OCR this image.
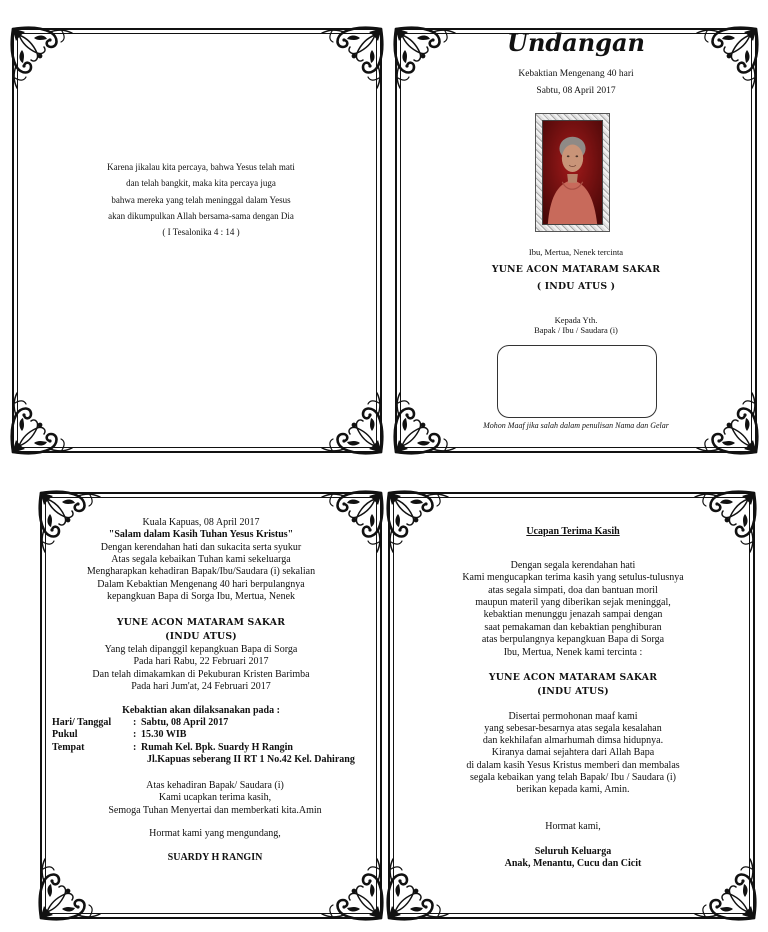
Karena jikalau kita percaya, bahwa Yesus telah mati
dan telah bangkit, maka kita percaya juga
bahwa mereka yang telah meninggal dalam Yesus
akan dikumpulkan Allah bersama-sama dengan Dia
( I Tesalonika 4 : 14 )
Undangan
Kebaktian Mengenang 40 hari
Sabtu, 08 April 2017
Ibu, Mertua, Nenek tercinta
YUNE ACON MATARAM SAKAR
( INDU ATUS )
Kepada Yth.
Bapak / Ibu / Saudara (i)
Mohon Maaf jika salah dalam penulisan Nama dan Gelar
Kuala Kapuas, 08 April 2017
"Salam dalam Kasih Tuhan Yesus Kristus"
Dengan kerendahan hati dan sukacita serta syukur
Atas segala kebaikan Tuhan kami sekeluarga
Mengharapkan kehadiran Bapak/Ibu/Saudara (i) sekalian
Dalam Kebaktian Mengenang 40 hari berpulangnya
kepangkuan Bapa di Sorga Ibu, Mertua, Nenek
YUNE ACON MATARAM SAKAR
(INDU ATUS)
Yang telah dipanggil kepangkuan Bapa di Sorga
Pada hari Rabu, 22 Februari 2017
Dan telah dimakamkan di Pekuburan Kristen Barimba
Pada hari Jum'at, 24 Februari 2017
Kebaktian akan dilaksanakan pada :
Hari/ Tanggal : Sabtu, 08 April 2017
Pukul	: 15.30 WIB
Tempat	: Rumah Kel. Bpk. Suardy H Rangin
Jl.Kapuas seberang II RT 1 No.42 Kel. Dahirang
Atas kehadiran Bapak/ Saudara (i)
Kami ucapkan terima kasih,
Semoga Tuhan Menyertai dan memberkati kita.Amin
Hormat kami yang mengundang,
SUARDY H RANGIN
Ucapan Terima Kasih
Dengan segala kerendahan hati
Kami mengucapkan terima kasih yang setulus-tulusnya
atas segala simpati, doa dan bantuan moril
maupun materil yang diberikan sejak meninggal,
kebaktian menunggu jenazah sampai dengan
saat pemakaman dan kebaktian penghiburan
atas berpulangnya kepangkuan Bapa di Sorga
Ibu, Mertua, Nenek kami tercinta :
YUNE ACON MATARAM SAKAR
(INDU ATUS)
Disertai permohonan maaf kami
yang sebesar-besarnya atas segala kesalahan
dan kekhilafan almarhumah dimsa hidupnya.
Kiranya damai sejahtera dari Allah Bapa
di dalam kasih Yesus Kristus memberi dan membalas
segala kebaikan yang telah Bapak/ Ibu / Saudara (i)
berikan kepada kami, Amin.
Hormat kami,
Seluruh Keluarga
Anak, Menantu, Cucu dan Cicit
